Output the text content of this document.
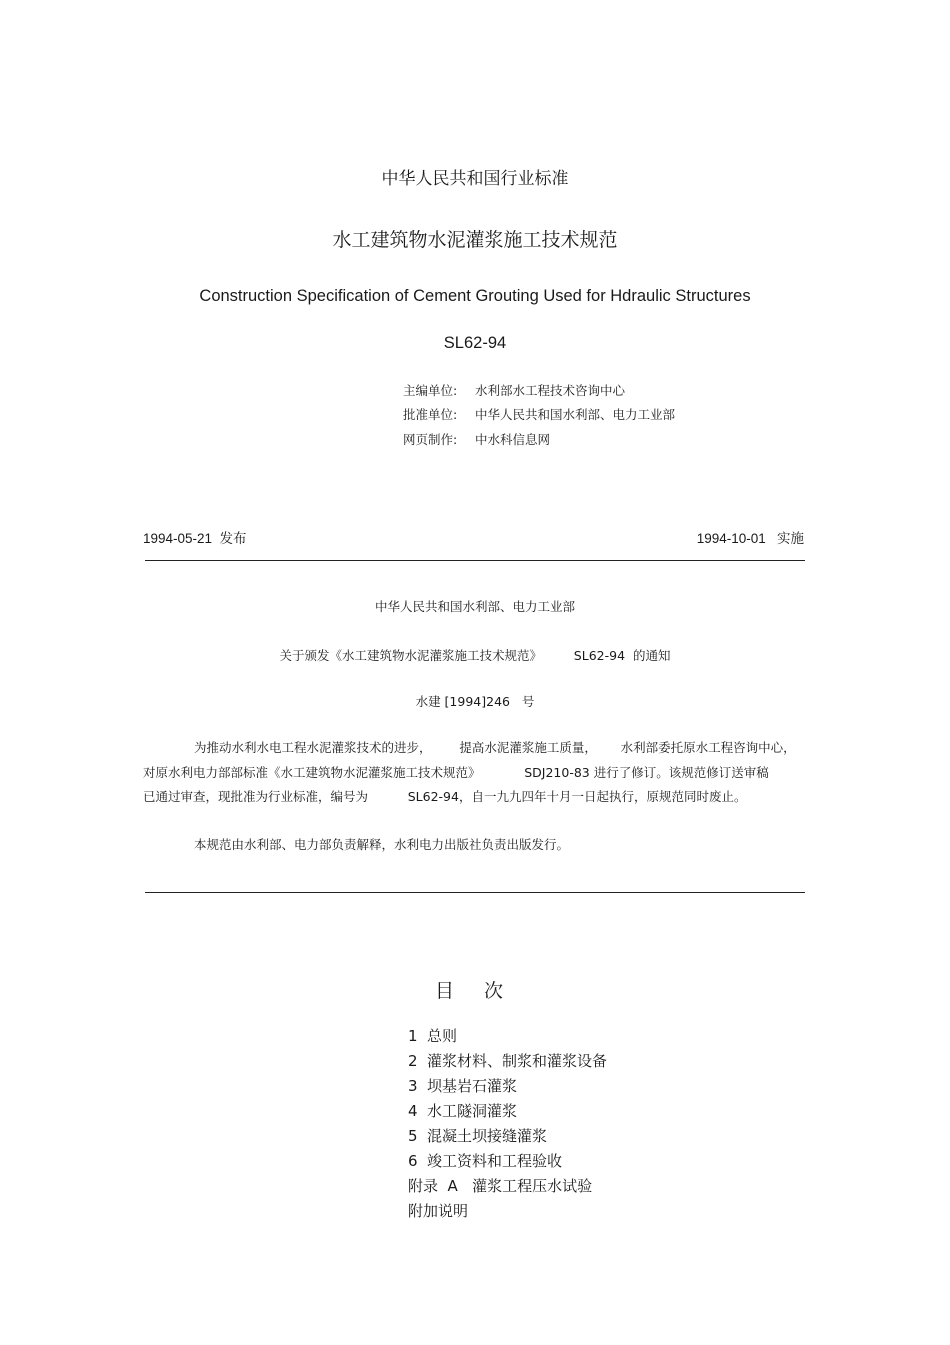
中华人民共和国行业标准
水工建筑物水泥灌浆施工技术规范
Construction Specification of Cement Grouting Used for Hdraulic Structures
SL62-94
主编单位: 水利部水工程技术咨询中心
批准单位: 中华人民共和国水利部、电力工业部
网页制作: 中水科信息网
1994-05-21  发布	1994-10-01   实施
中华人民共和国水利部、电力工业部
关于颁发《水工建筑物水泥灌浆施工技术规范》        SL62-94  的通知
水建 [1994]246   号
为推动水利水电工程水泥灌浆技术的进步，       提高水泥灌浆施工质量，      水利部委托原水工程咨询中心，
对原水利电力部部标准《水工建筑物水泥灌浆施工技术规范》           SDJ210-83 进行了修订。该规范修订送审稿
已通过审查，现批准为行业标准，编号为          SL62-94，自一九九四年十月一日起执行，原规范同时废止。
本规范由水利部、电力部负责解释，水利电力出版社负责出版发行。
目 次
1 总则
2 灌浆材料、制浆和灌浆设备
3 坝基岩石灌浆
4 水工隧洞灌浆
5 混凝土坝接缝灌浆
6 竣工资料和工程验收
附录  A   灌浆工程压水试验
附加说明
